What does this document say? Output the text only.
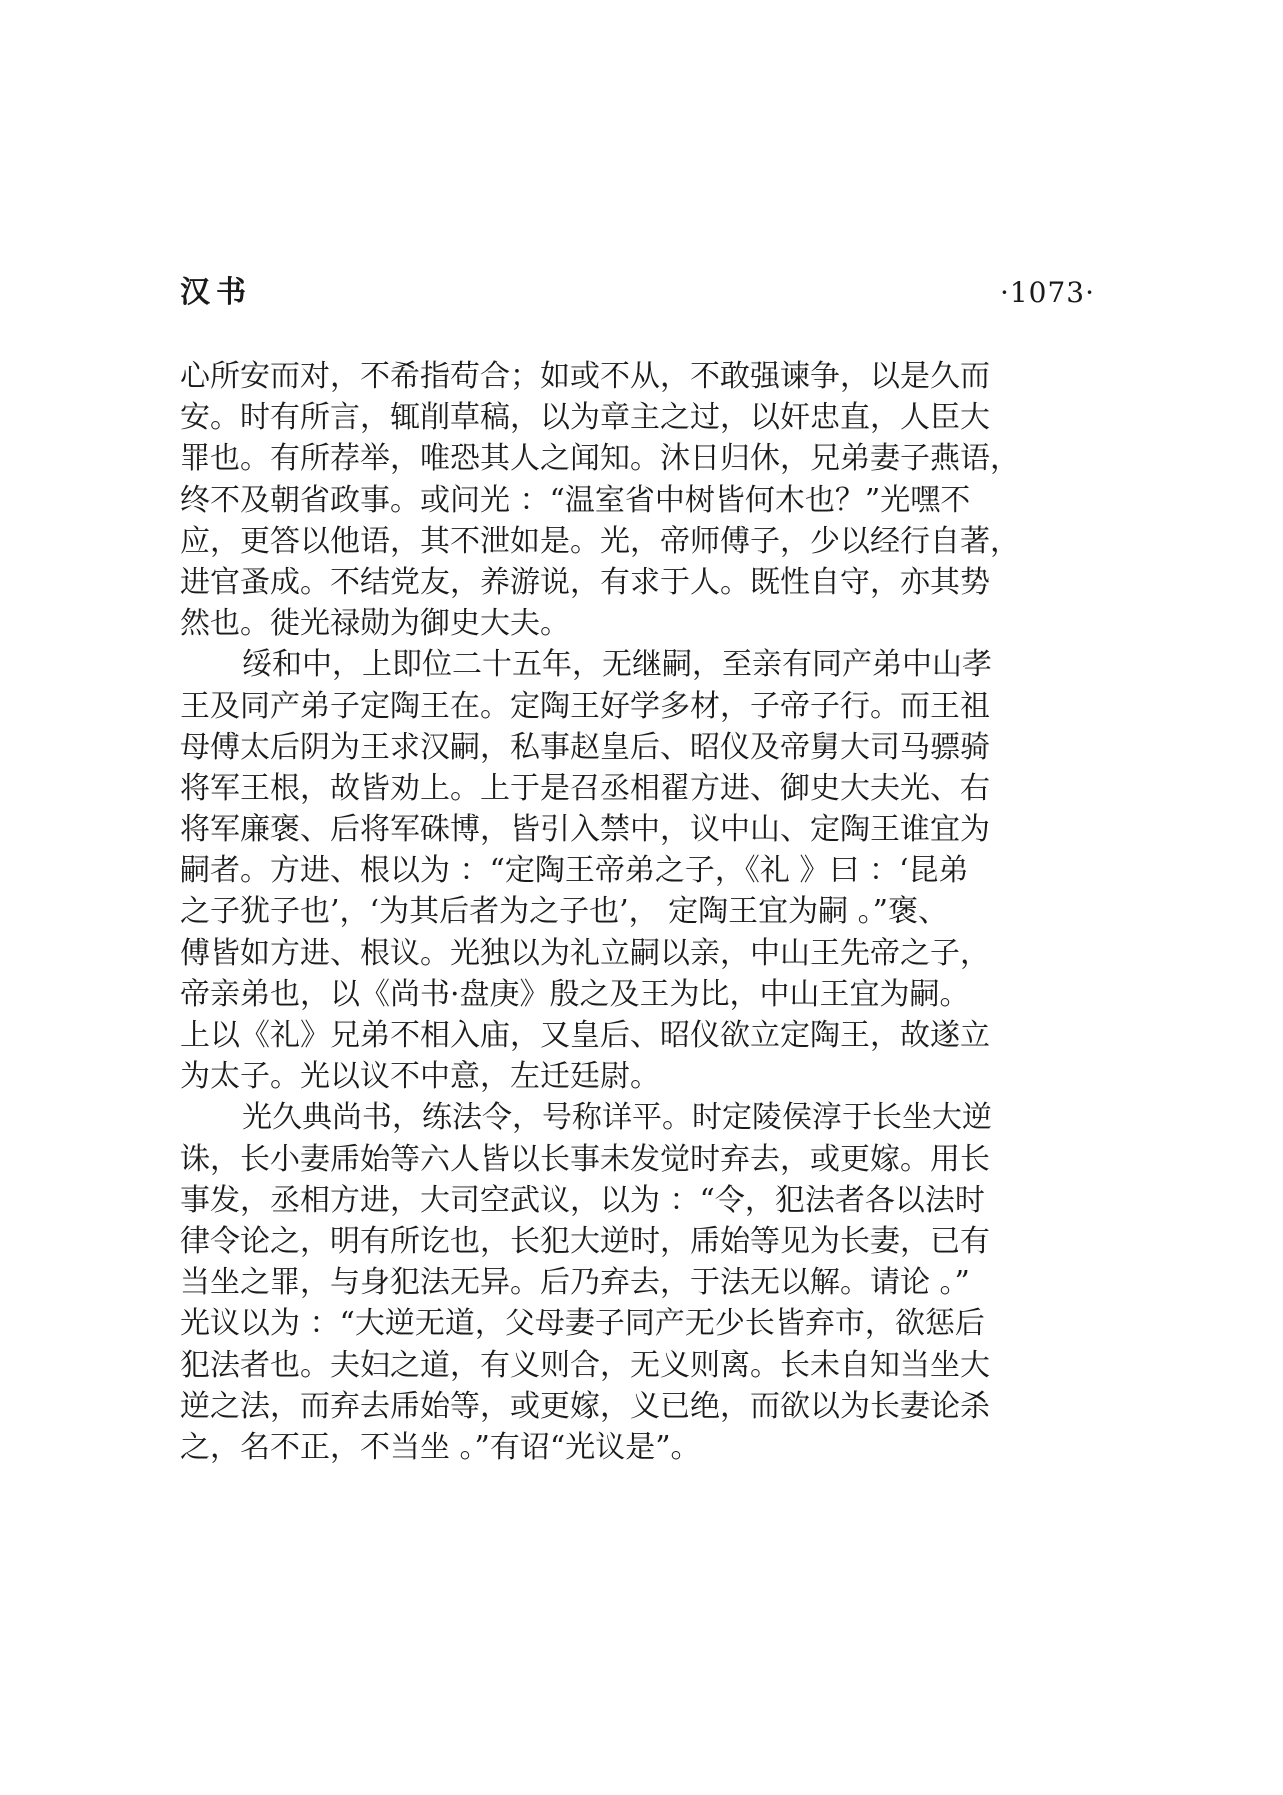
汉书	·1073·
心所安而对，不希指苟合；如或不从，不敢强谏争，以是久而
安。时有所言，辄削草稿，以为章主之过，以奸忠直，人臣大
罪也。有所荐举，唯恐其人之闻知。沐日归休，兄弟妻子燕语，
终不及朝省政事。或问光 ：“温室省中树皆何木也？”光嘿不
应，更答以他语，其不泄如是。光，帝师傅子，少以经行自著，
进官蚤成。不结党友，养游说，有求于人。既性自守，亦其势
然也。徙光禄勋为御史大夫。
绥和中，上即位二十五年，无继嗣，至亲有同产弟中山孝
王及同产弟子定陶王在。定陶王好学多材，子帝子行。而王祖
母傅太后阴为王求汉嗣，私事赵皇后、昭仪及帝舅大司马骠骑
将军王根，故皆劝上。上于是召丞相翟方进、御史大夫光、右
将军廉褒、后将军硃博，皆引入禁中，议中山、定陶王谁宜为
嗣者。方进、根以为 ：“定陶王帝弟之子，《礼 》曰 ：‘昆弟
之子犹子也’，‘为其后者为之子也’， 定陶王宜为嗣 。”褒、
傅皆如方进、根议。光独以为礼立嗣以亲，中山王先帝之子，
帝亲弟也，以《尚书·盘庚》殷之及王为比，中山王宜为嗣。
上以《礼》兄弟不相入庙，又皇后、昭仪欲立定陶王，故遂立
为太子。光以议不中意，左迁廷尉。
光久典尚书，练法令，号称详平。时定陵侯淳于长坐大逆
诛，长小妻乕始等六人皆以长事未发觉时弃去，或更嫁。用长
事发，丞相方进，大司空武议，以为 ：“令，犯法者各以法时
律令论之，明有所讫也，长犯大逆时，乕始等见为长妻，已有
当坐之罪，与身犯法无异。后乃弃去，于法无以解。请论 。”
光议以为 ：“大逆无道，父母妻子同产无少长皆弃市，欲惩后
犯法者也。夫妇之道，有义则合，无义则离。长未自知当坐大
逆之法，而弃去乕始等，或更嫁，义已绝，而欲以为长妻论杀
之，名不正，不当坐 。”有诏“光议是”。
